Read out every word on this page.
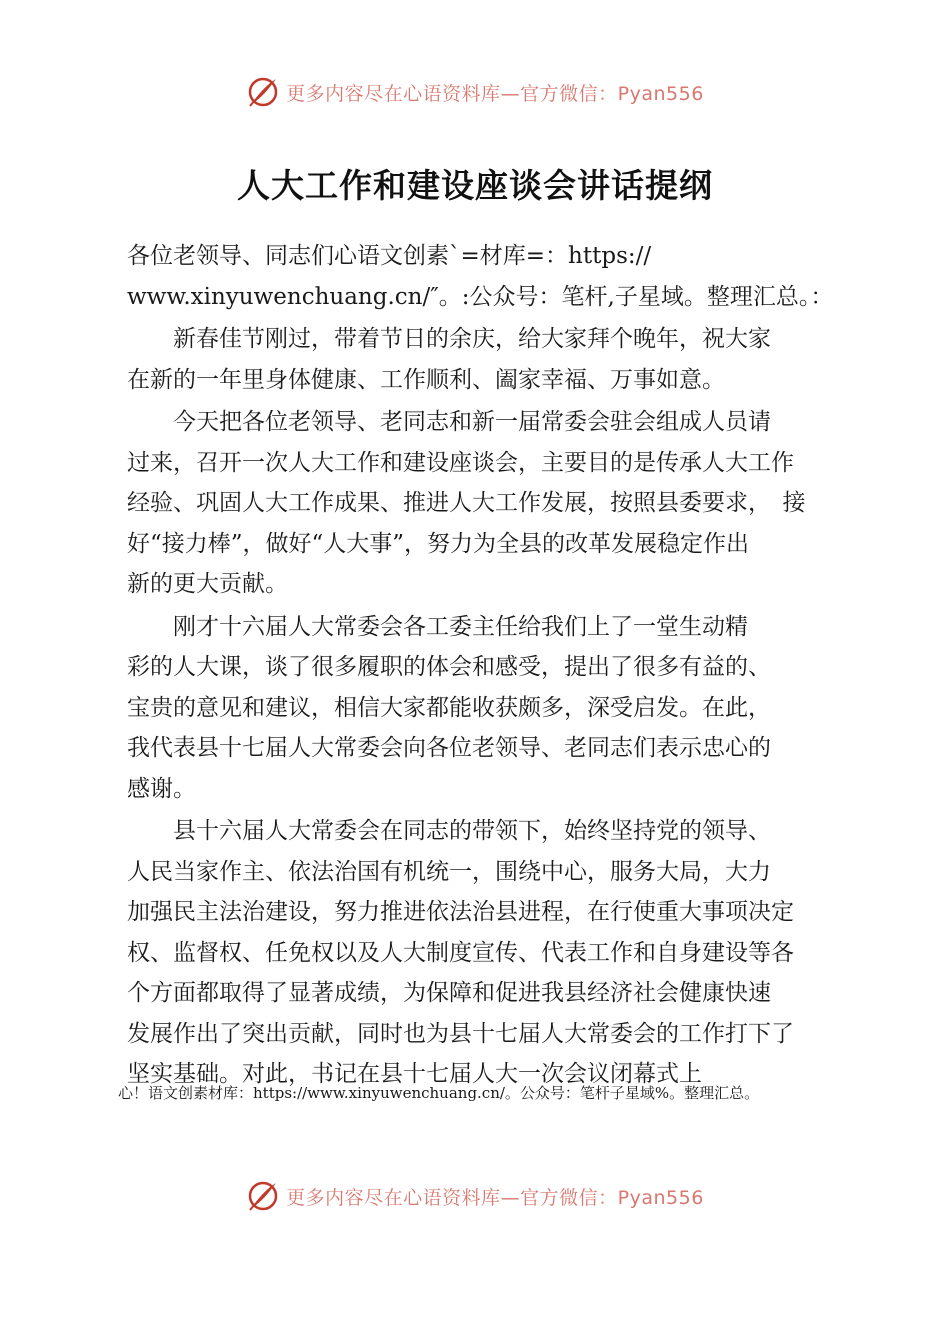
更多内容尽在心语资料库—官方微信：Pyan556
人大工作和建设座谈会讲话提纲
各位老领导、同志们心语文创素`=材库=：https://
www.xinyuwenchuang.cn/″。:公众号：笔杆,子星域。整理汇总。：
　　新春佳节刚过，带着节日的余庆，给大家拜个晚年，祝大家
在新的一年里身体健康、工作顺利、阖家幸福、万事如意。
　　今天把各位老领导、老同志和新一届常委会驻会组成人员请
过来，召开一次人大工作和建设座谈会，主要目的是传承人大工作
经验、巩固人大工作成果、推进人大工作发展，按照县委要求，　接
好“接力棒”，做好“人大事”，努力为全县的改革发展稳定作出
新的更大贡献。
　　刚才十六届人大常委会各工委主任给我们上了一堂生动精
彩的人大课，谈了很多履职的体会和感受，提出了很多有益的、
宝贵的意见和建议，相信大家都能收获颇多，深受启发。在此，
我代表县十七届人大常委会向各位老领导、老同志们表示忠心的
感谢。
　　县十六届人大常委会在同志的带领下，始终坚持党的领导、
人民当家作主、依法治国有机统一，围绕中心，服务大局，大力
加强民主法治建设，努力推进依法治县进程，在行使重大事项决定
权、监督权、任免权以及人大制度宣传、代表工作和自身建设等各
个方面都取得了显著成绩，为保障和促进我县经济社会健康快速
发展作出了突出贡献，同时也为县十七届人大常委会的工作打下了
坚实基础。对此，书记在县十七届人大一次会议闭幕式上
心！语文创素材库：https://www.xinyuwenchuang.cn/。公众号：笔杆子星域%。整理汇总。
更多内容尽在心语资料库—官方微信：Pyan556
